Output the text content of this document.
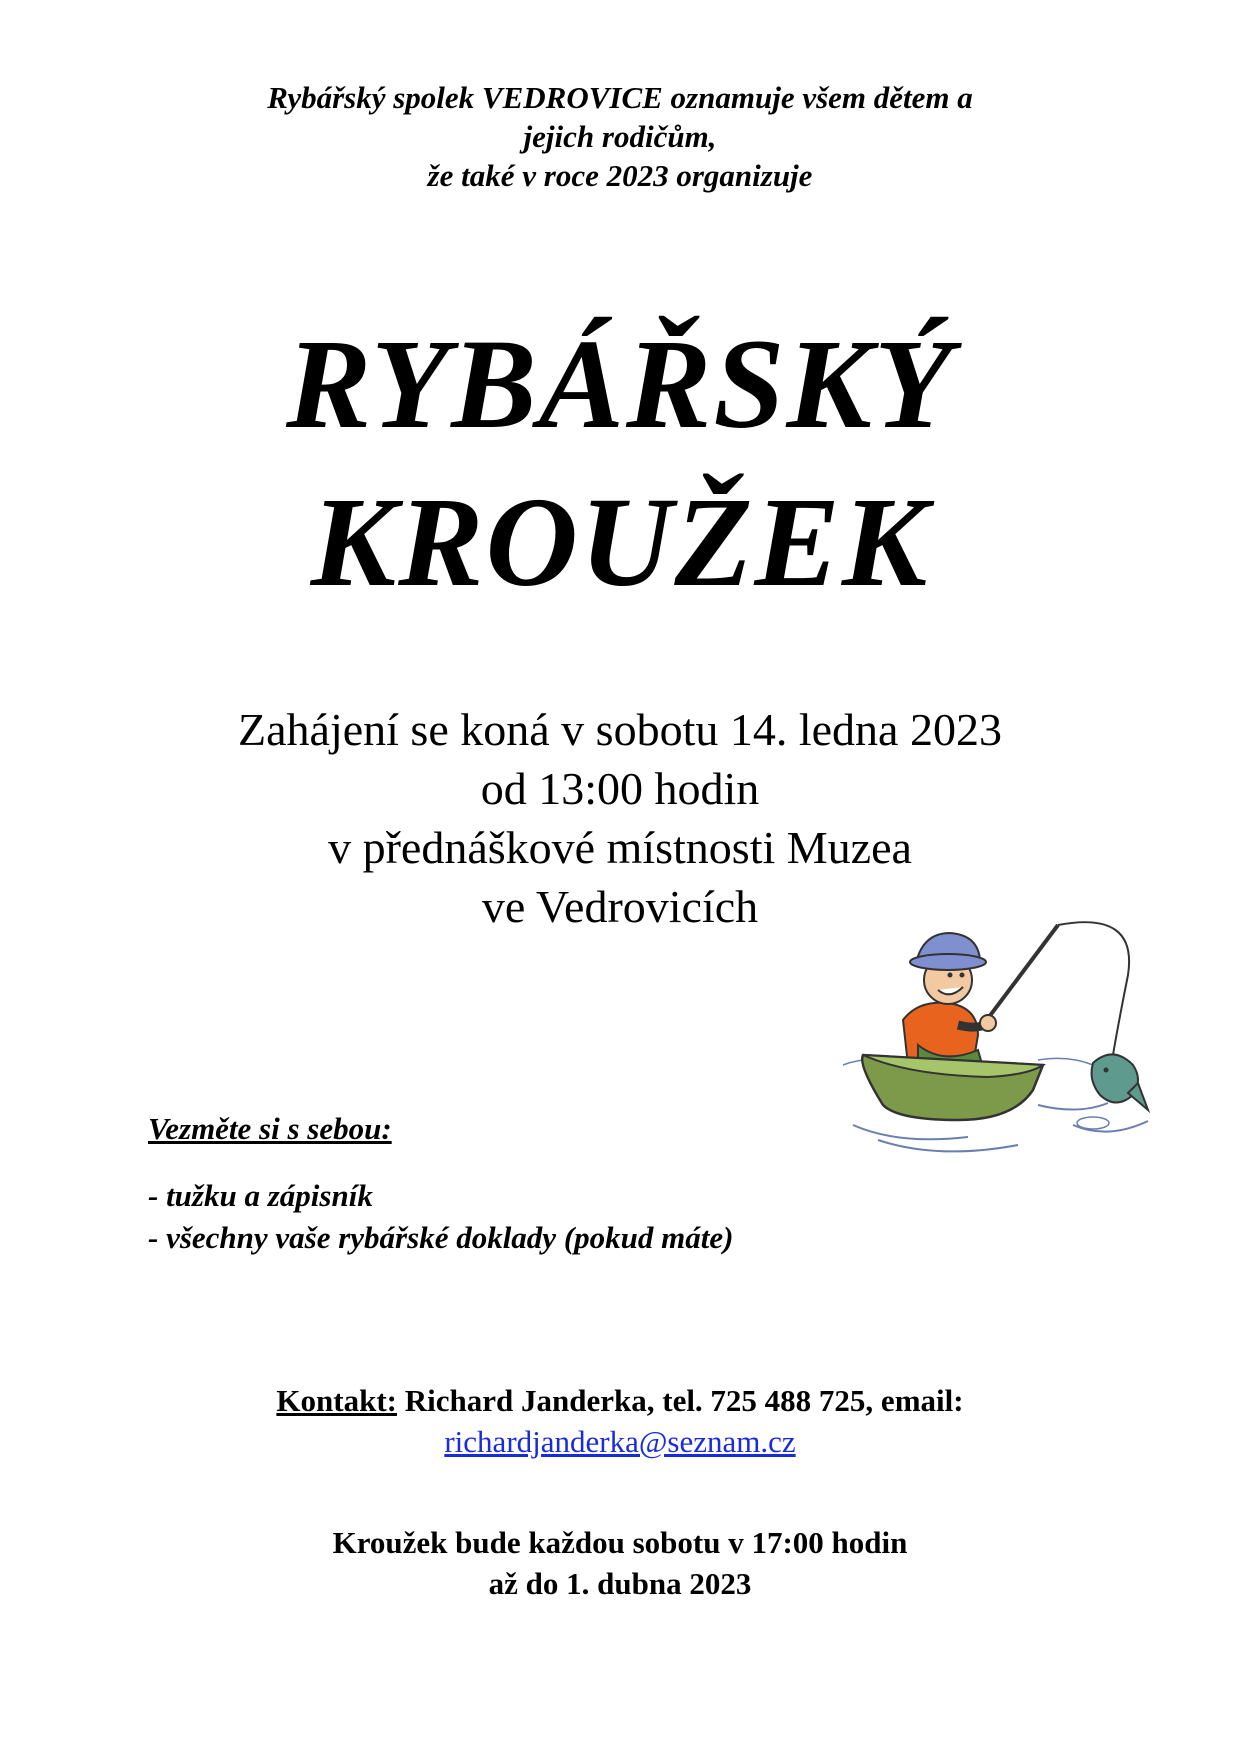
Rybářský spolek VEDROVICE oznamuje všem dětem a
jejich rodičům,
že také v roce 2023 organizuje
RYBÁŘSKÝ
KROUŽEK
Zahájení se koná v sobotu 14. ledna 2023
od 13:00 hodin
v přednáškové místnosti Muzea
ve Vedrovicích
Vezměte si s sebou:
- tužku a zápisník
- všechny vaše rybářské doklady (pokud máte)
Kontakt: Richard Janderka, tel. 725 488 725, email:
richardjanderka@seznam.cz
Kroužek bude každou sobotu v 17:00 hodin
až do 1. dubna 2023
